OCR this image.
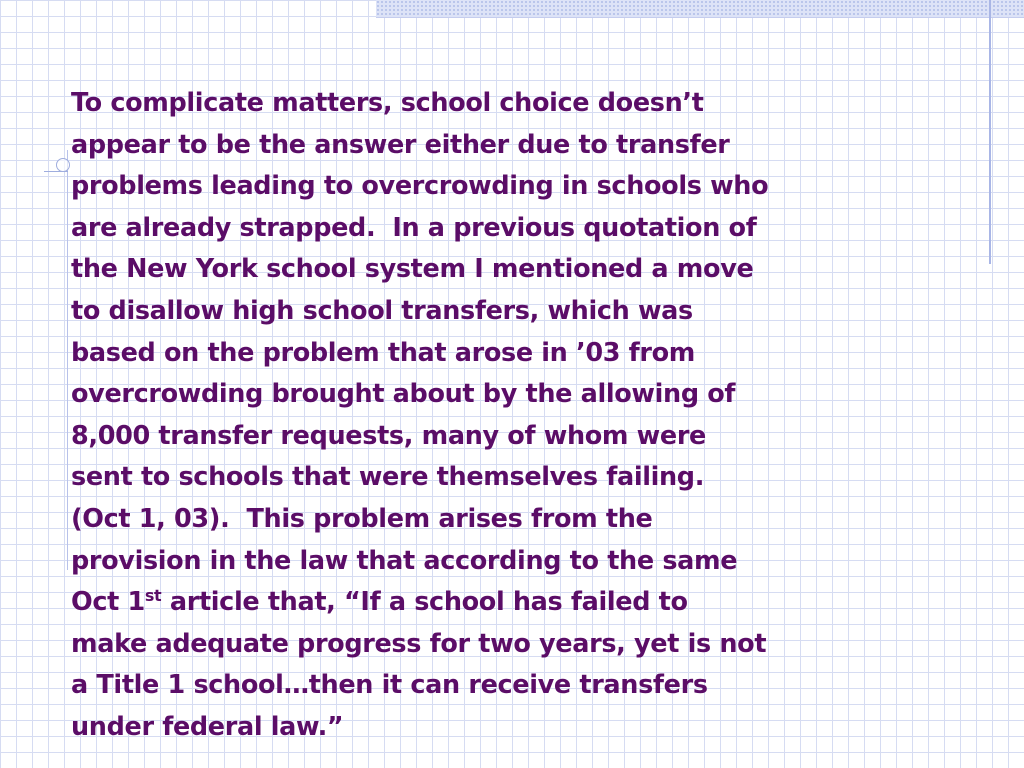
To complicate matters, school choice doesn’t
appear to be the answer either due to transfer
problems leading to overcrowding in schools who
are already strapped.  In a previous quotation of
the New York school system I mentioned a move
to disallow high school transfers, which was
based on the problem that arose in ’03 from
overcrowding brought about by the allowing of
8,000 transfer requests, many of whom were
sent to schools that were themselves failing.
(Oct 1, 03).  This problem arises from the
provision in the law that according to the same
Oct 1st article that, “If a school has failed to
make adequate progress for two years, yet is not
a Title 1 school…then it can receive transfers
under federal law.”
